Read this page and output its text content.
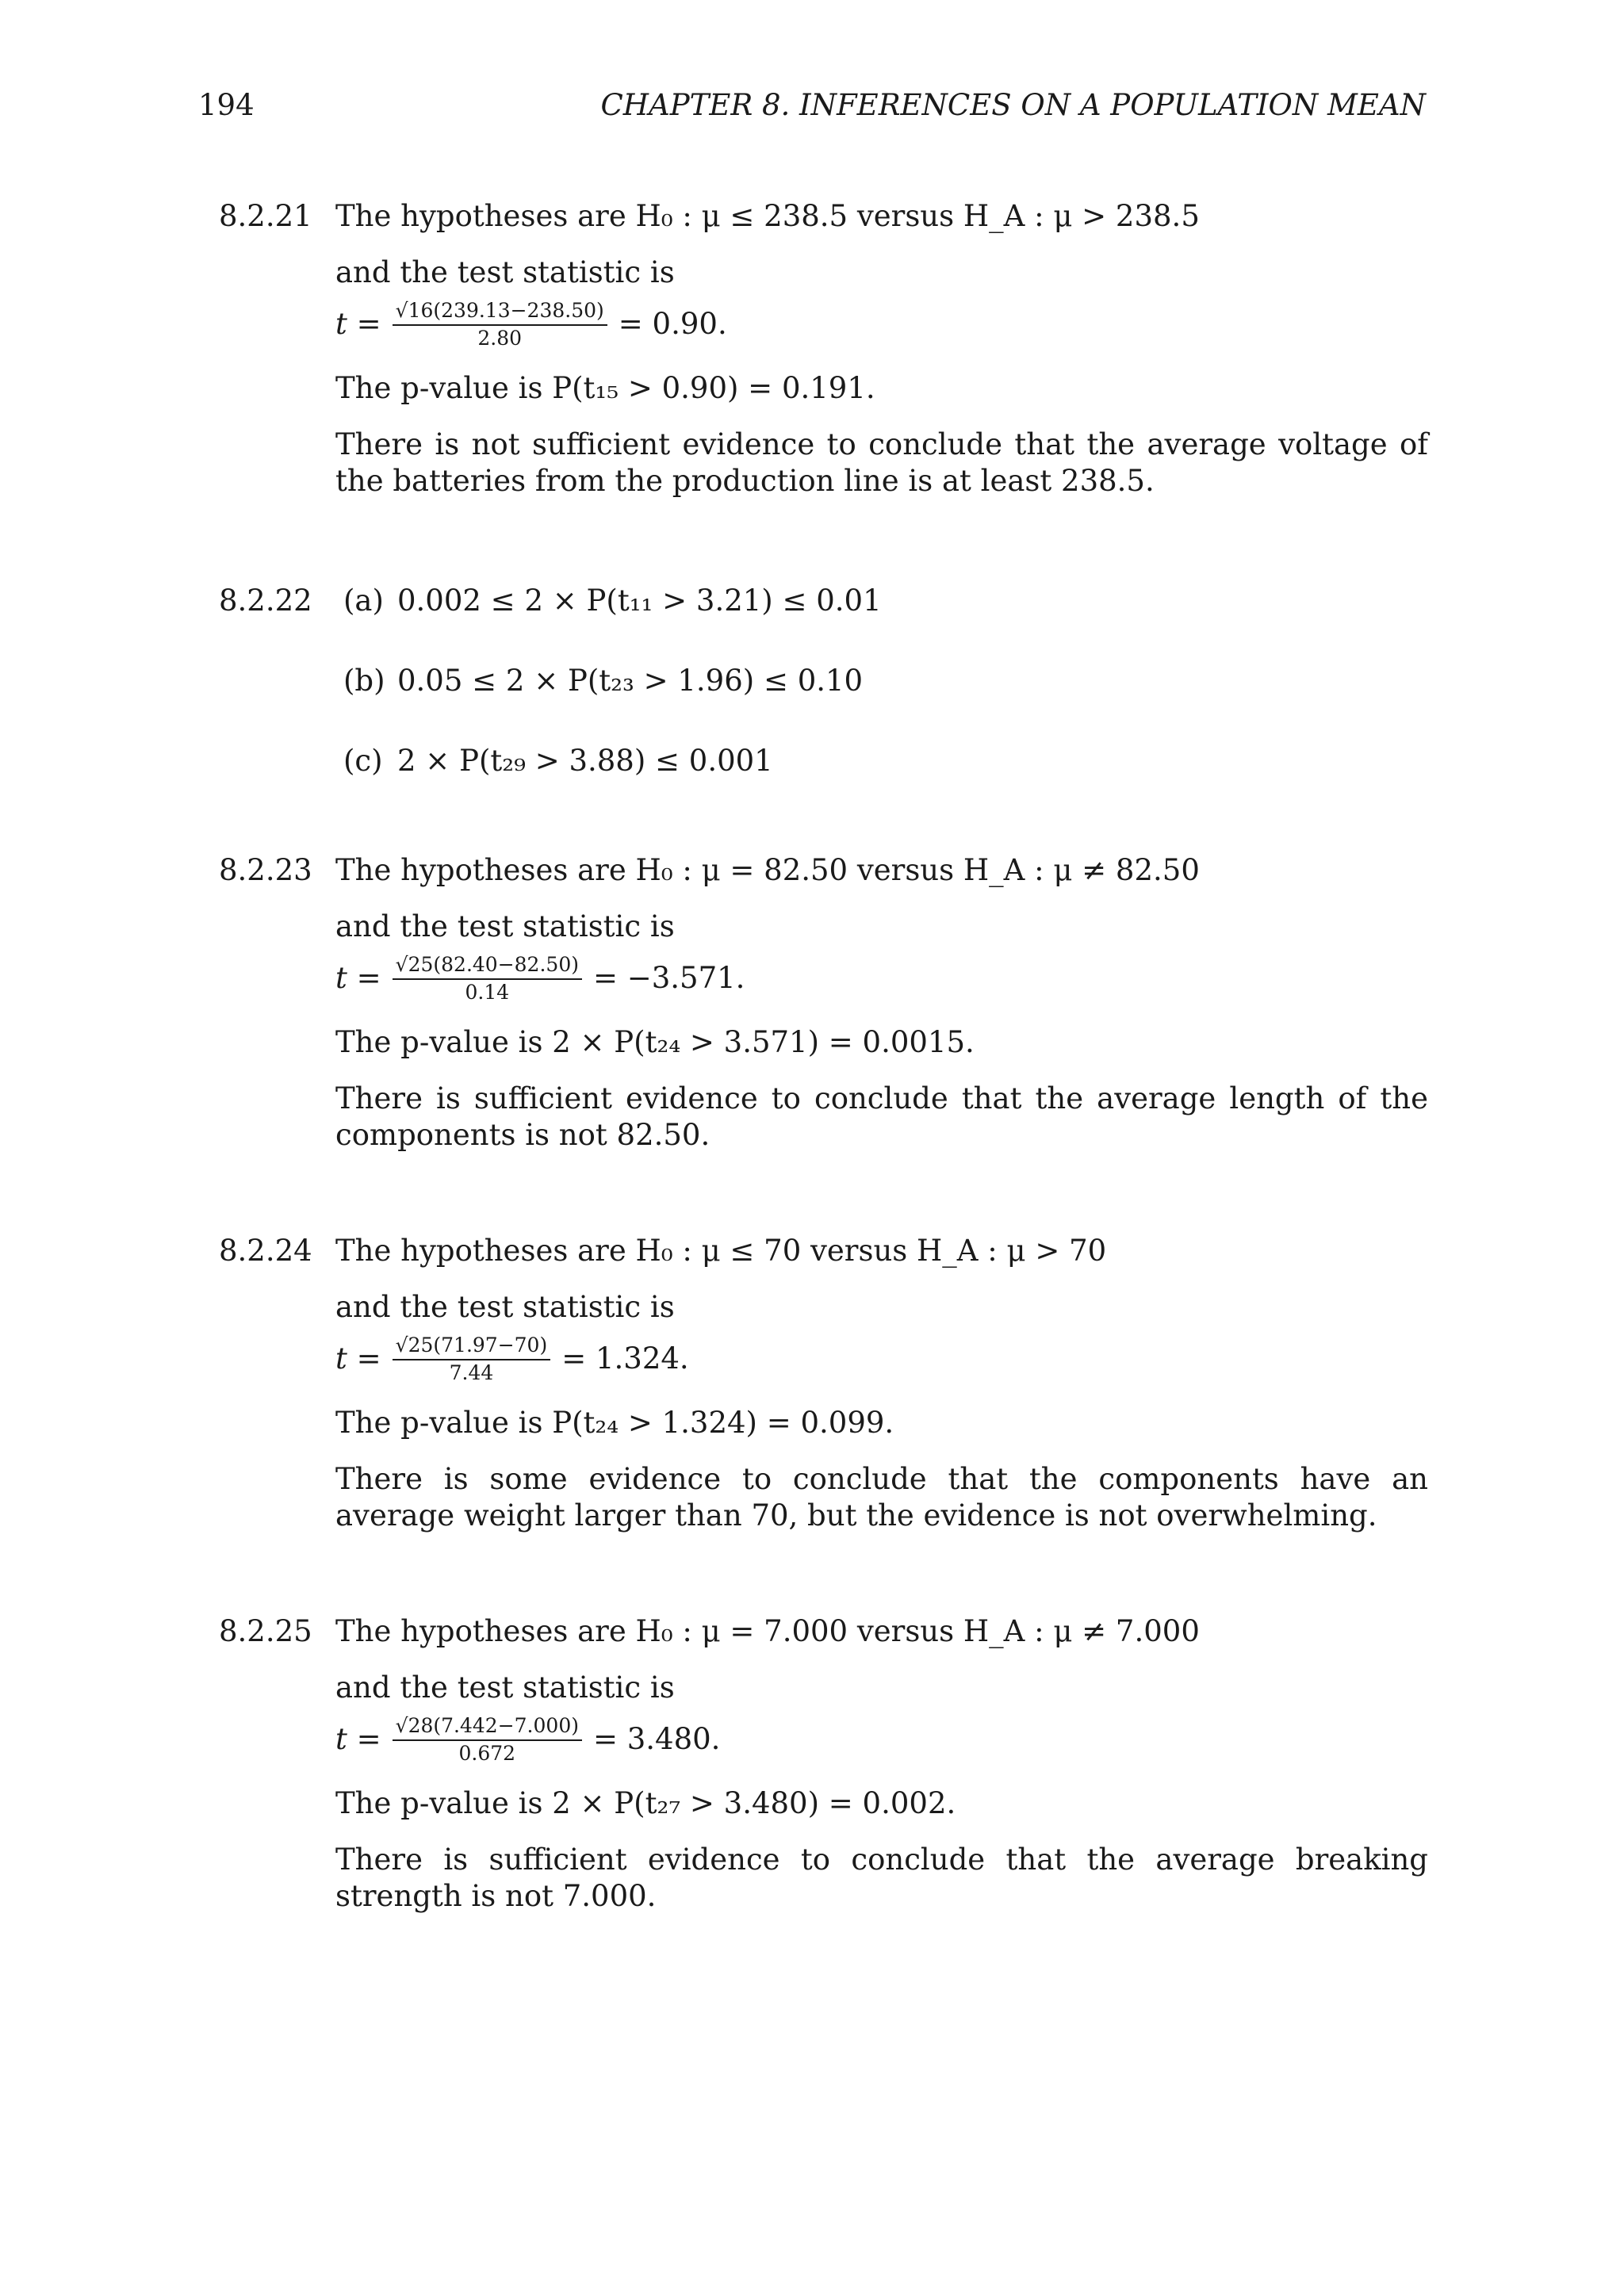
194	CHAPTER 8. INFERENCES ON A POPULATION MEAN
8.2.21 The hypotheses are H₀ : μ ≤ 238.5 versus H_A : μ > 238.5

and the test statistic is

$t = \frac{√16(239.13-238.50)}{2.80} = 0.90$.

The p-value is P(t₁₅ > 0.90) = 0.191.

There is not sufficient evidence to conclude that the average voltage of the batteries from the production line is at least 238.5.

8.2.22 (a) 0.002 ≤ 2 × P(t₁₁ > 3.21) ≤ 0.01
(b) 0.05 ≤ 2 × P(t₂₃ > 1.96) ≤ 0.10
(c) 2 × P(t₂₉ > 3.88) ≤ 0.001
8.2.23 The hypotheses are H₀ : μ = 82.50 versus H_A : μ ≠ 82.50

and the test statistic is

$t = \frac{√25(82.40-82.50)}{0.14} = -3.571$.

The p-value is 2 × P(t₂₄ > 3.571) = 0.0015.

There is sufficient evidence to conclude that the average length of the components is not 82.50.

8.2.24 The hypotheses are H₀ : μ ≤ 70 versus H_A : μ > 70

and the test statistic is

$t = \frac{√25(71.97-70)}{7.44} = 1.324$.

The p-value is P(t₂₄ > 1.324) = 0.099.

There is some evidence to conclude that the components have an average weight larger than 70, but the evidence is not overwhelming.

8.2.25 The hypotheses are H₀ : μ = 7.000 versus H_A : μ ≠ 7.000

and the test statistic is

$t = \frac{√28(7.442-7.000)}{0.672} = 3.480$.

The p-value is 2 × P(t₂₇ > 3.480) = 0.002.

There is sufficient evidence to conclude that the average breaking strength is not 7.000.
